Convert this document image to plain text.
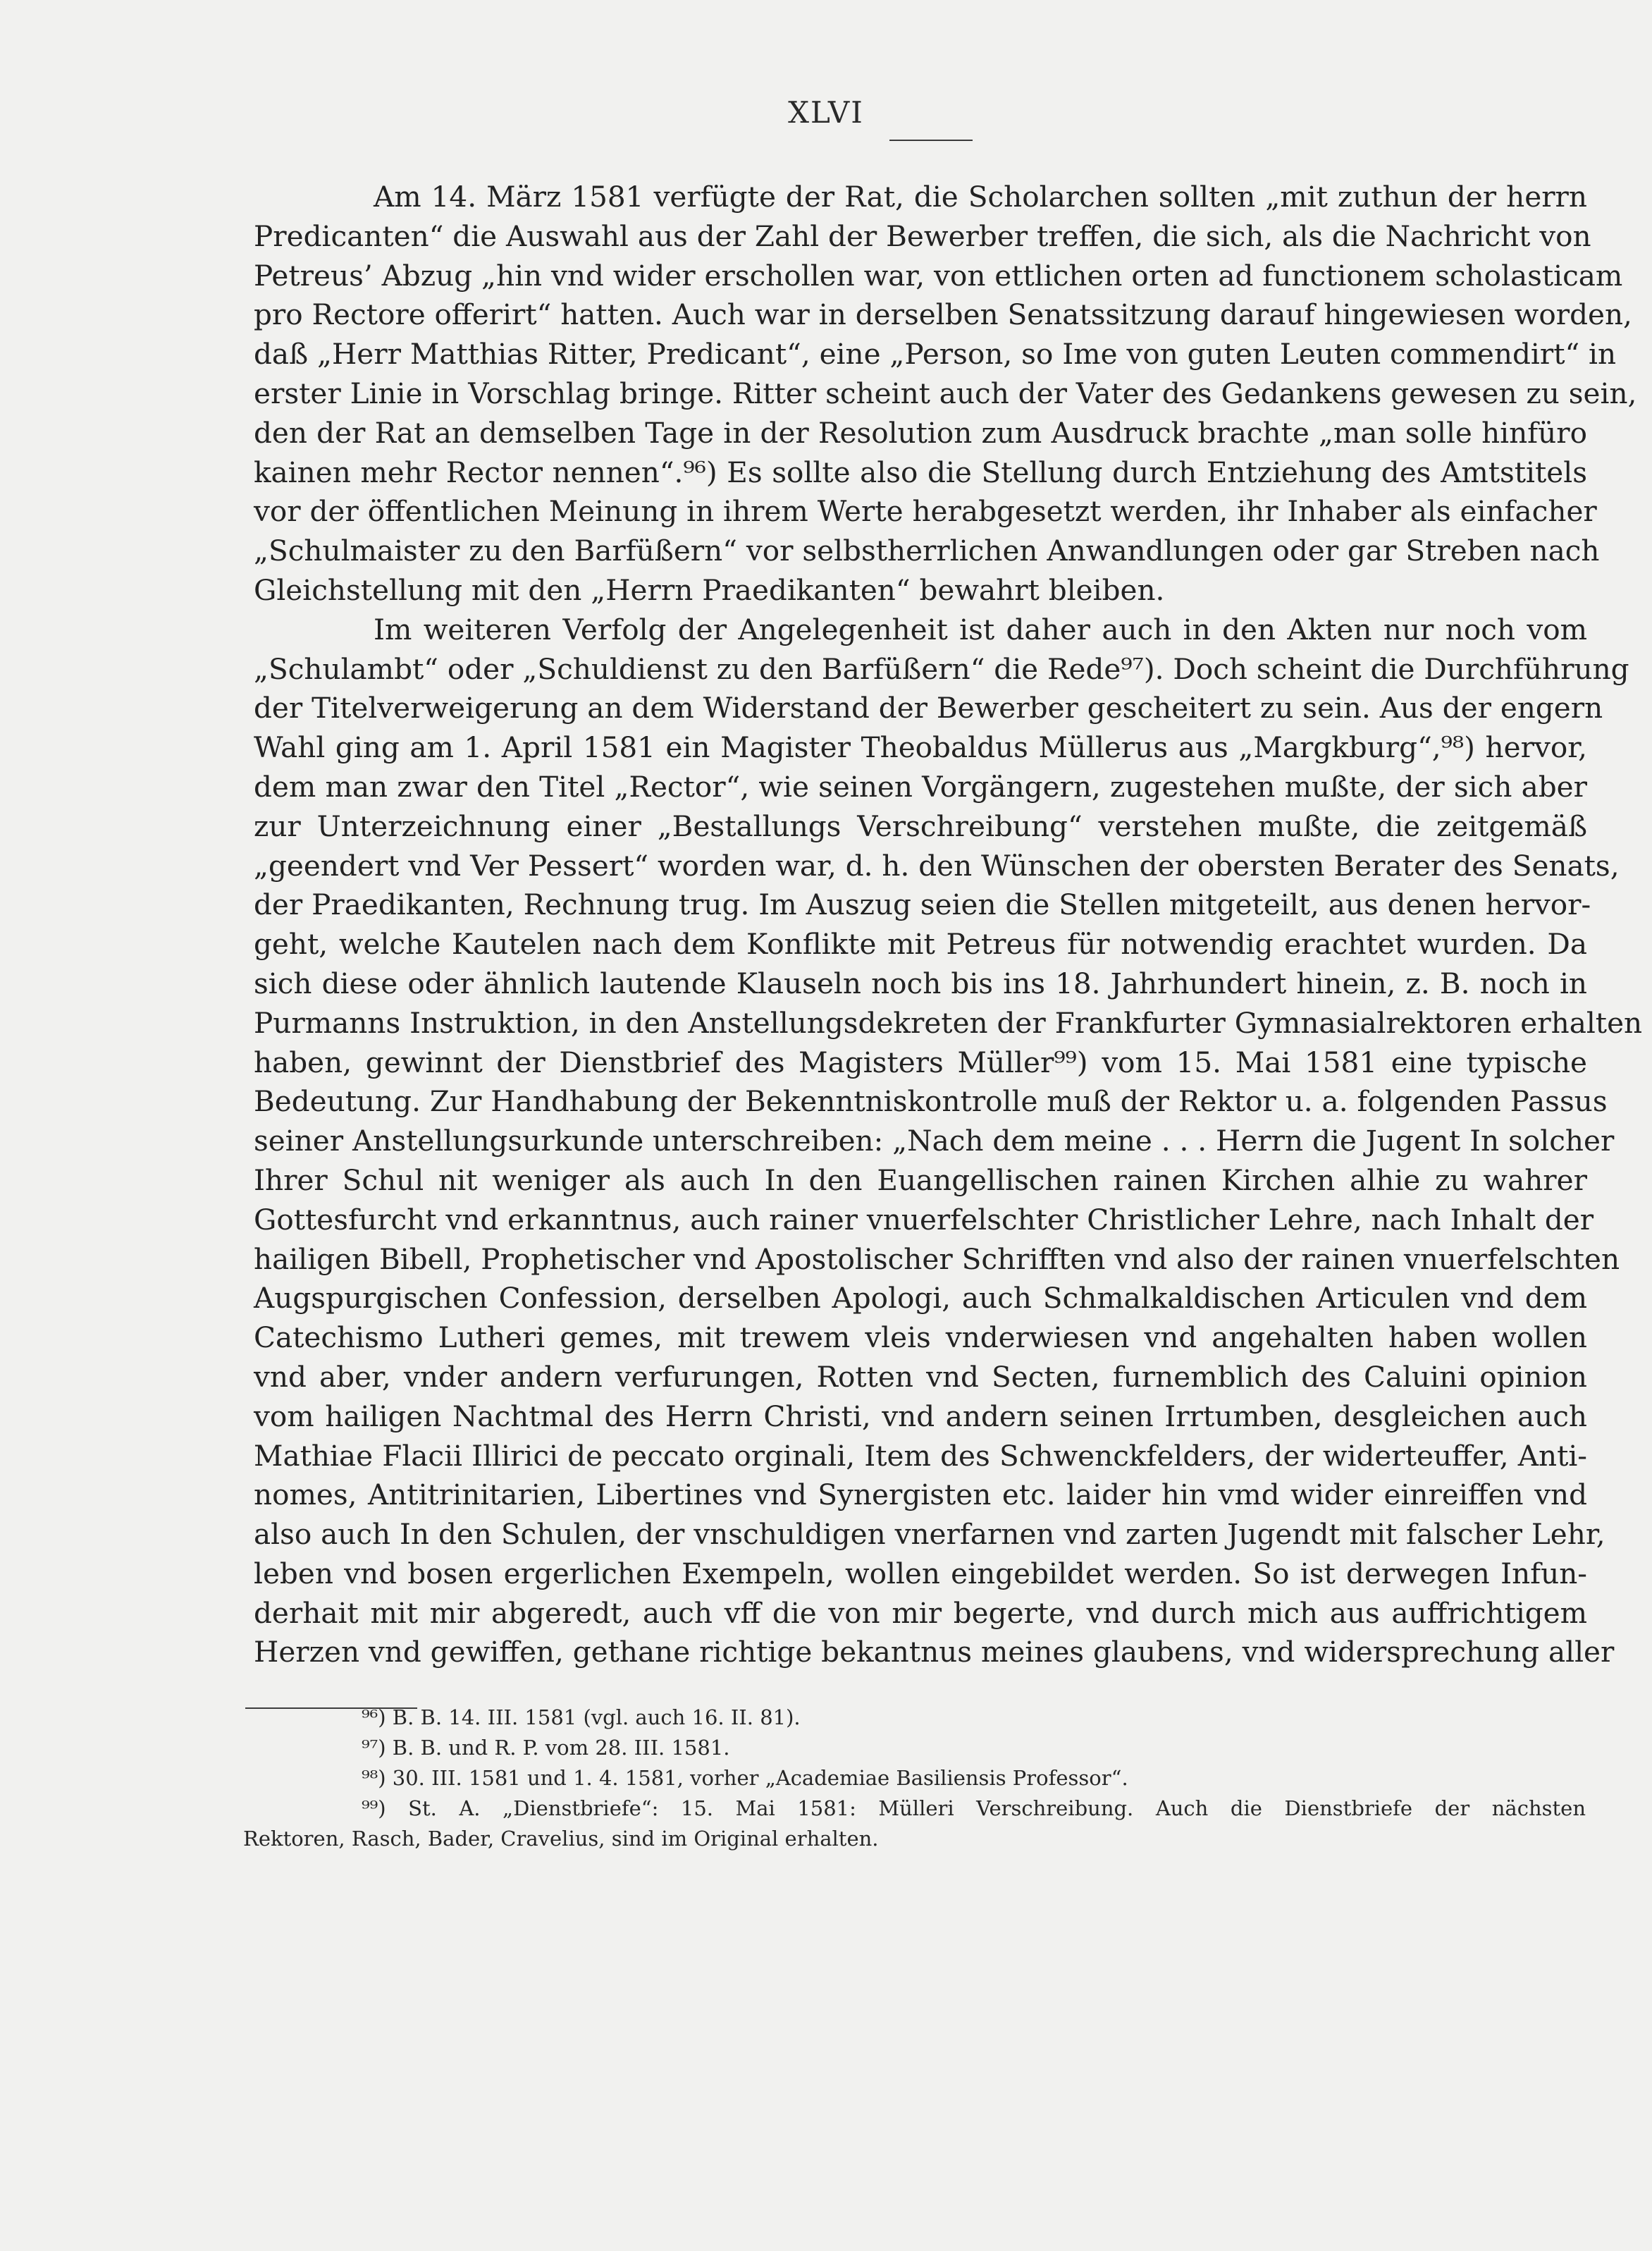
XLVI
Am 14. März 1581 verfügte der Rat, die Scholarchen sollten „mit zuthun der herrn
Predicanten“ die Auswahl aus der Zahl der Bewerber treffen, die sich, als die Nachricht von
Petreus’ Abzug „hin vnd wider erschollen war, von ettlichen orten ad functionem scholasticam
pro Rectore offerirt“ hatten. Auch war in derselben Senatssitzung darauf hingewiesen worden,
daß „Herr Matthias Ritter, Predicant“, eine „Person, so Ime von guten Leuten commendirt“ in
erster Linie in Vorschlag bringe. Ritter scheint auch der Vater des Gedankens gewesen zu sein,
den der Rat an demselben Tage in der Resolution zum Ausdruck brachte „man solle hinfüro
kainen mehr Rector nennen“.⁹⁶) Es sollte also die Stellung durch Entziehung des Amtstitels
vor der öffentlichen Meinung in ihrem Werte herabgesetzt werden, ihr Inhaber als einfacher
„Schulmaister zu den Barfüßern“ vor selbstherrlichen Anwandlungen oder gar Streben nach
Gleichstellung mit den „Herrn Praedikanten“ bewahrt bleiben.
Im weiteren Verfolg der Angelegenheit ist daher auch in den Akten nur noch vom
„Schulambt“ oder „Schuldienst zu den Barfüßern“ die Rede⁹⁷). Doch scheint die Durchführung
der Titelverweigerung an dem Widerstand der Bewerber gescheitert zu sein. Aus der engern
Wahl ging am 1. April 1581 ein Magister Theobaldus Müllerus aus „Margkburg“,⁹⁸) hervor,
dem man zwar den Titel „Rector“, wie seinen Vorgängern, zugestehen mußte, der sich aber
zur Unterzeichnung einer „Bestallungs Verschreibung“ verstehen mußte, die zeitgemäß
„geendert vnd Ver Pessert“ worden war, d. h. den Wünschen der obersten Berater des Senats,
der Praedikanten, Rechnung trug. Im Auszug seien die Stellen mitgeteilt, aus denen hervor-
geht, welche Kautelen nach dem Konflikte mit Petreus für notwendig erachtet wurden. Da
sich diese oder ähnlich lautende Klauseln noch bis ins 18. Jahrhundert hinein, z. B. noch in
Purmanns Instruktion, in den Anstellungsdekreten der Frankfurter Gymnasialrektoren erhalten
haben, gewinnt der Dienstbrief des Magisters Müller⁹⁹) vom 15. Mai 1581 eine typische
Bedeutung. Zur Handhabung der Bekenntniskontrolle muß der Rektor u. a. folgenden Passus
seiner Anstellungsurkunde unterschreiben: „Nach dem meine . . . Herrn die Jugent In solcher
Ihrer Schul nit weniger als auch In den Euangellischen rainen Kirchen alhie zu wahrer
Gottesfurcht vnd erkanntnus, auch rainer vnuerfelschter Christlicher Lehre, nach Inhalt der
hailigen Bibell, Prophetischer vnd Apostolischer Schrifften vnd also der rainen vnuerfelschten
Augspurgischen Confession, derselben Apologi, auch Schmalkaldischen Articulen vnd dem
Catechismo Lutheri gemes, mit trewem vleis vnderwiesen vnd angehalten haben wollen
vnd aber, vnder andern verfurungen, Rotten vnd Secten, furnemblich des Caluini opinion
vom hailigen Nachtmal des Herrn Christi, vnd andern seinen Irrtumben, desgleichen auch
Mathiae Flacii Illirici de peccato orginali, Item des Schwenckfelders, der widerteuffer, Anti-
nomes, Antitrinitarien, Libertines vnd Synergisten etc. laider hin vmd wider einreiffen vnd
also auch In den Schulen, der vnschuldigen vnerfarnen vnd zarten Jugendt mit falscher Lehr,
leben vnd bosen ergerlichen Exempeln, wollen eingebildet werden. So ist derwegen Infun-
derhait mit mir abgeredt, auch vff die von mir begerte, vnd durch mich aus auffrichtigem
Herzen vnd gewiffen, gethane richtige bekantnus meines glaubens, vnd widersprechung aller
⁹⁶) B. B. 14. III. 1581 (vgl. auch 16. II. 81).
⁹⁷) B. B. und R. P. vom 28. III. 1581.
⁹⁸) 30. III. 1581 und 1. 4. 1581, vorher „Academiae Basiliensis Professor“.
⁹⁹) St. A. „Dienstbriefe“: 15. Mai 1581: Mülleri Verschreibung. Auch die Dienstbriefe der nächsten
Rektoren, Rasch, Bader, Cravelius, sind im Original erhalten.
